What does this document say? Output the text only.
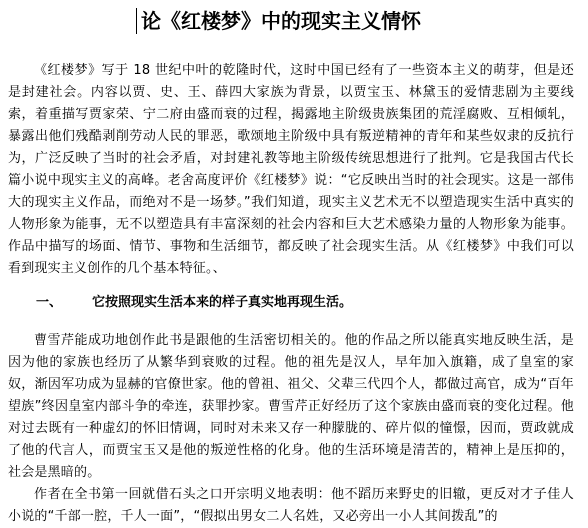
论《红楼梦》中的现实主义情怀

《红楼梦》写于 18 世纪中叶的乾隆时代，这时中国已经有了一些资本主义的萌芽，但是还是封建社会。内容以贾、史、王、薛四大家族为背景，以贾宝玉、林黛玉的爱情悲剧为主要线索，着重描写贾家荣、宁二府由盛而衰的过程，揭露地主阶级贵族集团的荒淫腐败、互相倾轧，暴露出他们残酷剥削劳动人民的罪恶，歌颂地主阶级中具有叛逆精神的青年和某些奴隶的反抗行为，广泛反映了当时的社会矛盾，对封建礼教等地主阶级传统思想进行了批判。它是我国古代长篇小说中现实主义的高峰。老舍高度评价《红楼梦》说：“它反映出当时的社会现实。这是一部伟大的现实主义作品，而绝对不是一场梦。”我们知道，现实主义艺术无不以塑造现实生活中真实的人物形象为能事，无不以塑造具有丰富深刻的社会内容和巨大艺术感染力量的人物形象为能事。作品中描写的场面、情节、事物和生活细节，都反映了社会现实生活。从《红楼梦》中我们可以看到现实主义创作的几个基本特征。、

一、 它按照现实生活本来的样子真实地再现生活。

曹雪芹能成功地创作此书是跟他的生活密切相关的。他的作品之所以能真实地反映生活，是因为他的家族也经历了从繁华到衰败的过程。他的祖先是汉人，早年加入旗籍，成了皇室的家奴，渐因军功成为显赫的官僚世家。他的曾祖、祖父、父辈三代四个人，都做过高官，成为“百年望族”终因皇室内部斗争的牵连，获罪抄家。曹雪芹正好经历了这个家族由盛而衰的变化过程。他对过去既有一种虚幻的怀旧情调，同时对未来又存一种朦胧的、碎片似的憧憬，因而，贾政就成了他的代言人，而贾宝玉又是他的叛逆性格的化身。他的生活环境是清苦的，精神上是压抑的，社会是黑暗的。

作者在全书第一回就借石头之口开宗明义地表明：他不蹈历来野史的旧辙，更反对才子佳人小说的“千部一腔，千人一面”，“假拟出男女二人名姓，又必旁出一小人其间拨乱”的
